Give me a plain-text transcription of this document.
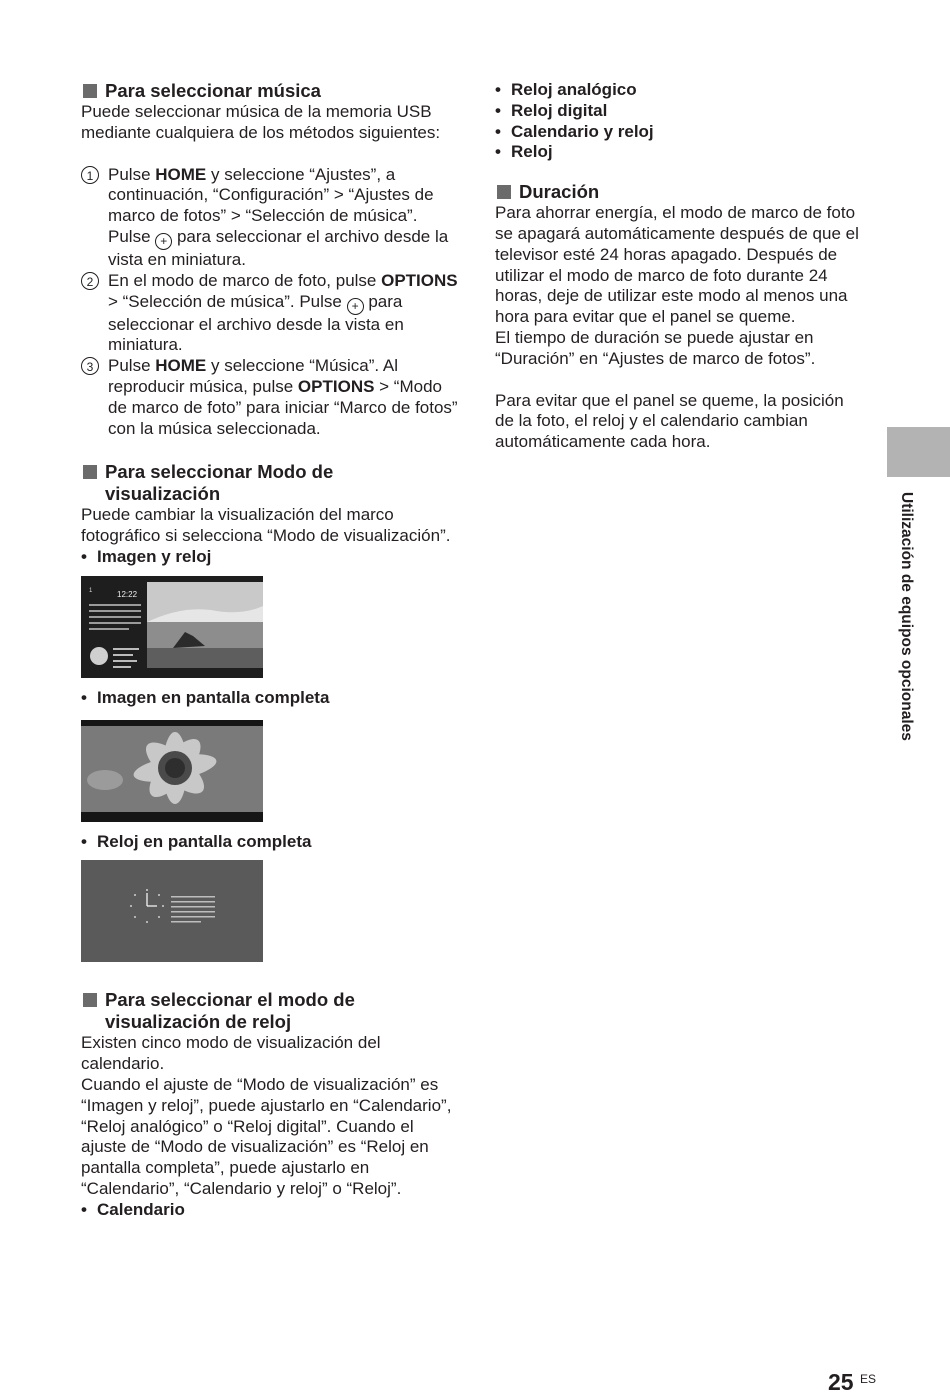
Para seleccionar música

Puede seleccionar música de la memoria USB mediante cualquiera de los métodos siguientes:

1 Pulse HOME y seleccione “Ajustes”, a continuación, “Configuración” > “Ajustes de marco de fotos” > “Selección de música”. Pulse + para seleccionar el archivo desde la vista en miniatura.
2 En el modo de marco de foto, pulse OPTIONS > “Selección de música”. Pulse + para seleccionar el archivo desde la vista en miniatura.
3 Pulse HOME y seleccione “Música”. Al reproducir música, pulse OPTIONS > “Modo de marco de foto” para iniciar “Marco de fotos” con la música seleccionada.
Para seleccionar Modo de
visualización

Puede cambiar la visualización del marco fotográfico si selecciona “Modo de visualización”.

• Imagen y reloj
1	12:22
• Imagen en pantalla completa
• Reloj en pantalla completa
Para seleccionar el modo de
visualización de reloj

Existen cinco modo de visualización del calendario.

Cuando el ajuste de “Modo de visualización” es “Imagen y reloj”, puede ajustarlo en “Calendario”, “Reloj analógico” o “Reloj digital”. Cuando el ajuste de “Modo de visualización” es “Reloj en pantalla completa”, puede ajustarlo en “Calendario”, “Calendario y reloj” o “Reloj”.

• Calendario
• Reloj analógico
• Reloj digital
• Calendario y reloj
• Reloj
Duración

Para ahorrar energía, el modo de marco de foto se apagará automáticamente después de que el televisor esté 24 horas apagado. Después de utilizar el modo de marco de foto durante 24 horas, deje de utilizar este modo al menos una hora para evitar que el panel se queme.

El tiempo de duración se puede ajustar en “Duración” en “Ajustes de marco de fotos”.

Para evitar que el panel se queme, la posición de la foto, el reloj y el calendario cambian automáticamente cada hora.

Utilización de equipos opcionales
25 $^{ES}$
